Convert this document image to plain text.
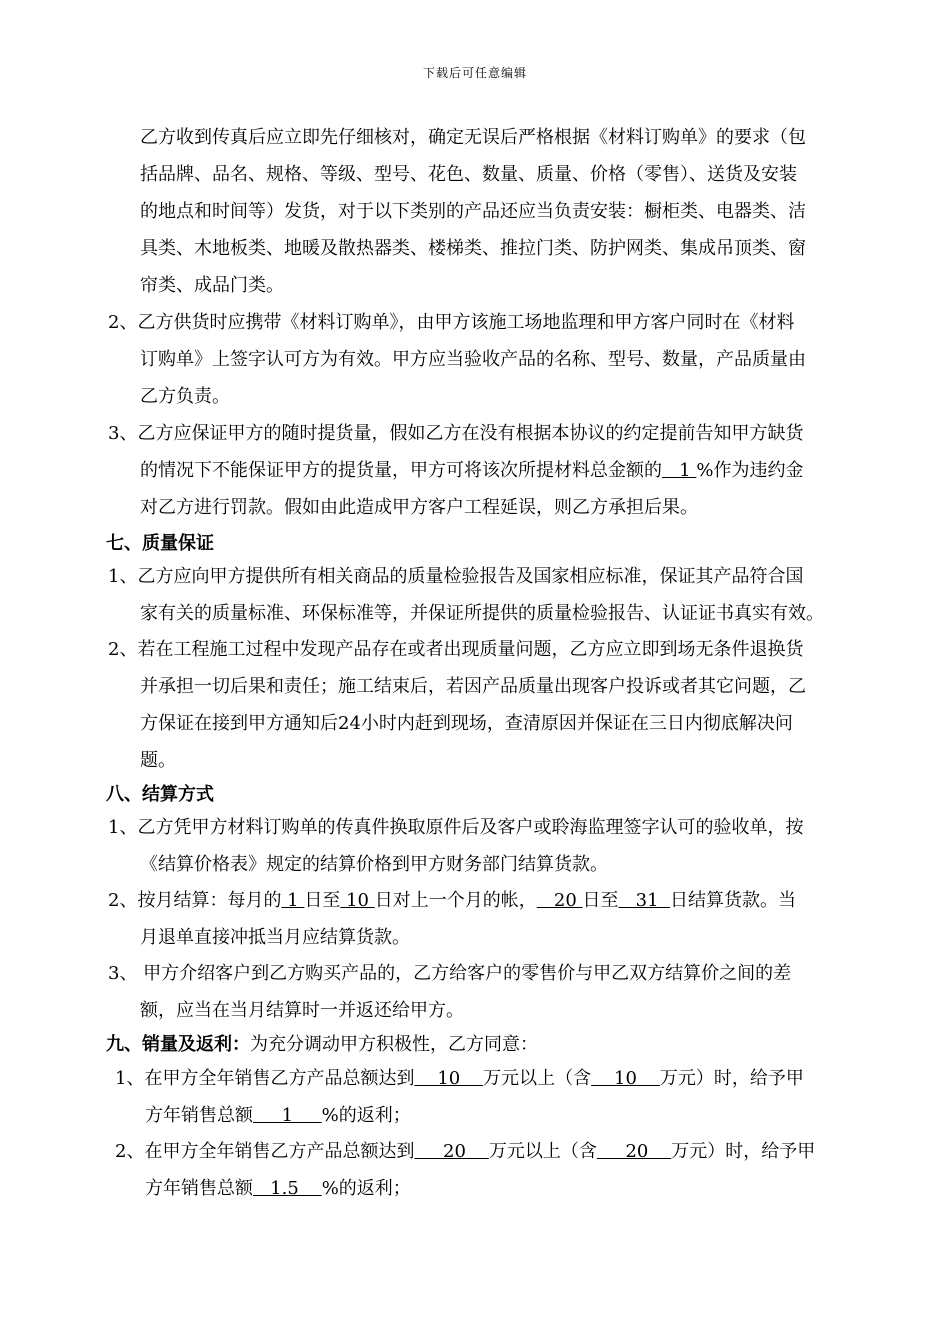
下载后可任意编辑
乙方收到传真后应立即先仔细核对，确定无误后严格根据《材料订购单》的要求（包
括品牌、品名、规格、等级、型号、花色、数量、质量、价格（零售）、送货及安装
的地点和时间等）发货，对于以下类别的产品还应当负责安装：橱柜类、电器类、洁
具类、木地板类、地暖及散热器类、楼梯类、推拉门类、防护网类、集成吊顶类、窗
帘类、成品门类。
2、乙方供货时应携带《材料订购单》，由甲方该施工场地监理和甲方客户同时在《材料
订购单》上签字认可方为有效。甲方应当验收产品的名称、型号、数量，产品质量由
乙方负责。
3、乙方应保证甲方的随时提货量，假如乙方在没有根据本协议的约定提前告知甲方缺货
的情况下不能保证甲方的提货量，甲方可将该次所提材料总金额的   1 %作为违约金
对乙方进行罚款。假如由此造成甲方客户工程延误，则乙方承担后果。
七、质量保证
1、乙方应向甲方提供所有相关商品的质量检验报告及国家相应标准，保证其产品符合国
家有关的质量标准、环保标准等，并保证所提供的质量检验报告、认证证书真实有效。
2、若在工程施工过程中发现产品存在或者出现质量问题，乙方应立即到场无条件退换货
并承担一切后果和责任；施工结束后，若因产品质量出现客户投诉或者其它问题，乙
方保证在接到甲方通知后24小时内赶到现场，查清原因并保证在三日内彻底解决问
题。
八、结算方式
1、乙方凭甲方材料订购单的传真件换取原件后及客户或聆海监理签字认可的验收单，按
《结算价格表》规定的结算价格到甲方财务部门结算货款。
2、按月结算：每月的 1 日至 10 日对上一个月的帐，   20 日至   31  日结算货款。当
月退单直接冲抵当月应结算货款。
3、 甲方介绍客户到乙方购买产品的，乙方给客户的零售价与甲乙双方结算价之间的差
额，应当在当月结算时一并返还给甲方。
九、销量及返利：为充分调动甲方积极性，乙方同意：
1、在甲方全年销售乙方产品总额达到    10    万元以上（含    10    万元）时，给予甲
方年销售总额     1     %的返利；
2、在甲方全年销售乙方产品总额达到     20    万元以上（含     20    万元）时，给予甲
方年销售总额   1.5    %的返利；
